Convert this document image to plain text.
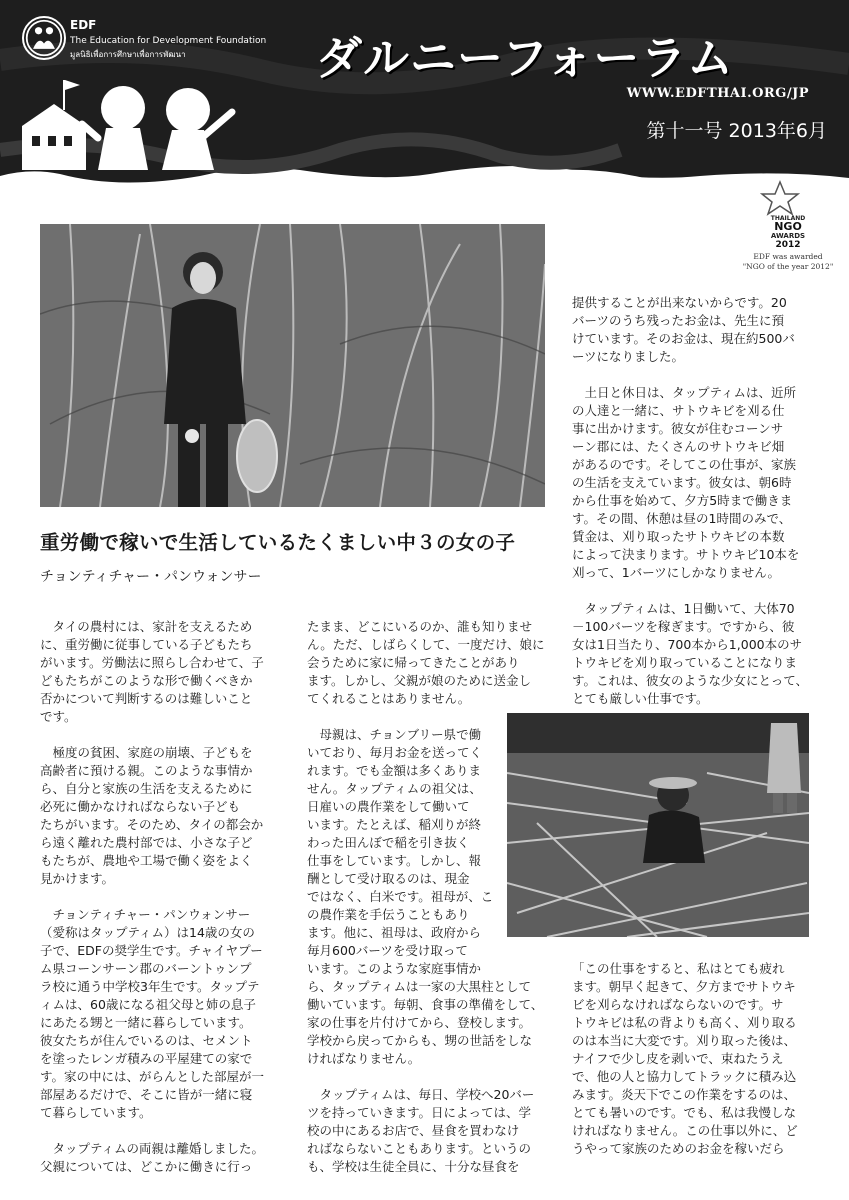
EDF
The Education for Development Foundation
มูลนิธิเพื่อการศึกษาเพื่อการพัฒนา	ダルニーフォーラム
WWW.EDFTHAI.ORG/JP
第十一号 2013年6月
THAILAND
NGO
AWARDS
2012
EDF was awarded
"NGO of the year 2012"
重労働で稼いで生活しているたくましい中３の女の子
チョンティチャー・パンウォンサー

　タイの農村には、家計を支えるため
に、重労働に従事している子どもたち
がいます。労働法に照らし合わせて、子
どもたちがこのような形で働くべきか
否かについて判断するのは難しいこと
です。

　極度の貧困、家庭の崩壊、子どもを
高齢者に預ける親。このような事情か
ら、自分と家族の生活を支えるために
必死に働かなければならない子ども
たちがいます。そのため、タイの都会か
ら遠く離れた農村部では、小さな子ど
もたちが、農地や工場で働く姿をよく
見かけます。

　チョンティチャー・パンウォンサー
（愛称はタップティム）は14歳の女の
子で、EDFの奨学生です。チャイヤプー
ム県コーンサーン郡のバーントゥンプ
ラ校に通う中学校3年生です。タップテ
ィムは、60歳になる祖父母と姉の息子
にあたる甥と一緒に暮らしています。
彼女たちが住んでいるのは、セメント
を塗ったレンガ積みの平屋建ての家で
す。家の中には、がらんとした部屋が一
部屋あるだけで、そこに皆が一緒に寝
て暮らしています。

　タップティムの両親は離婚しました。
父親については、どこかに働きに行っ

たまま、どこにいるのか、誰も知りませ
ん。ただ、しばらくして、一度だけ、娘に
会うために家に帰ってきたことがあり
ます。しかし、父親が娘のために送金し
てくれることはありません。

　母親は、チョンブリー県で働
いており、毎月お金を送ってく
れます。でも金額は多くありま
せん。タップティムの祖父は、
日雇いの農作業をして働いて
います。たとえば、稲刈りが終
わった田んぼで稲を引き抜く
仕事をしています。しかし、報
酬として受け取るのは、現金
ではなく、白米です。祖母が、こ
の農作業を手伝うこともあり
ます。他に、祖母は、政府から
毎月600バーツを受け取って
います。このような家庭事情か
ら、タップティムは一家の大黒柱として
働いています。毎朝、食事の準備をして、
家の仕事を片付けてから、登校します。
学校から戻ってからも、甥の世話をしな
ければなりません。

　タップティムは、毎日、学校へ20バー
ツを持っていきます。日によっては、学
校の中にあるお店で、昼食を買わなけ
ればならないこともあります。というの
も、学校は生徒全員に、十分な昼食を

提供することが出来ないからです。20
バーツのうち残ったお金は、先生に預
けています。そのお金は、現在約500バ
ーツになりました。

　土日と休日は、タップティムは、近所
の人達と一緒に、サトウキビを刈る仕
事に出かけます。彼女が住むコーンサ
ーン郡には、たくさんのサトウキビ畑
があるのです。そしてこの仕事が、家族
の生活を支えています。彼女は、朝6時
から仕事を始めて、夕方5時まで働きま
す。その間、休憩は昼の1時間のみで、
賃金は、刈り取ったサトウキビの本数
によって決まります。サトウキビ10本を
刈って、1バーツにしかなりません。

　タップティムは、1日働いて、大体70
－100バーツを稼ぎます。ですから、彼
女は1日当たり、700本から1,000本のサ
トウキビを刈り取っていることになりま
す。これは、彼女のような少女にとって、
とても厳しい仕事です。

「この仕事をすると、私はとても疲れ
ます。朝早く起きて、夕方までサトウキ
ビを刈らなければならないのです。サ
トウキビは私の背よりも高く、刈り取る
のは本当に大変です。刈り取った後は、
ナイフで少し皮を剥いで、束ねたうえ
で、他の人と協力してトラックに積み込
みます。炎天下でこの作業をするのは、
とても暑いのです。でも、私は我慢しな
ければなりません。この仕事以外に、ど
うやって家族のためのお金を稼いだら
